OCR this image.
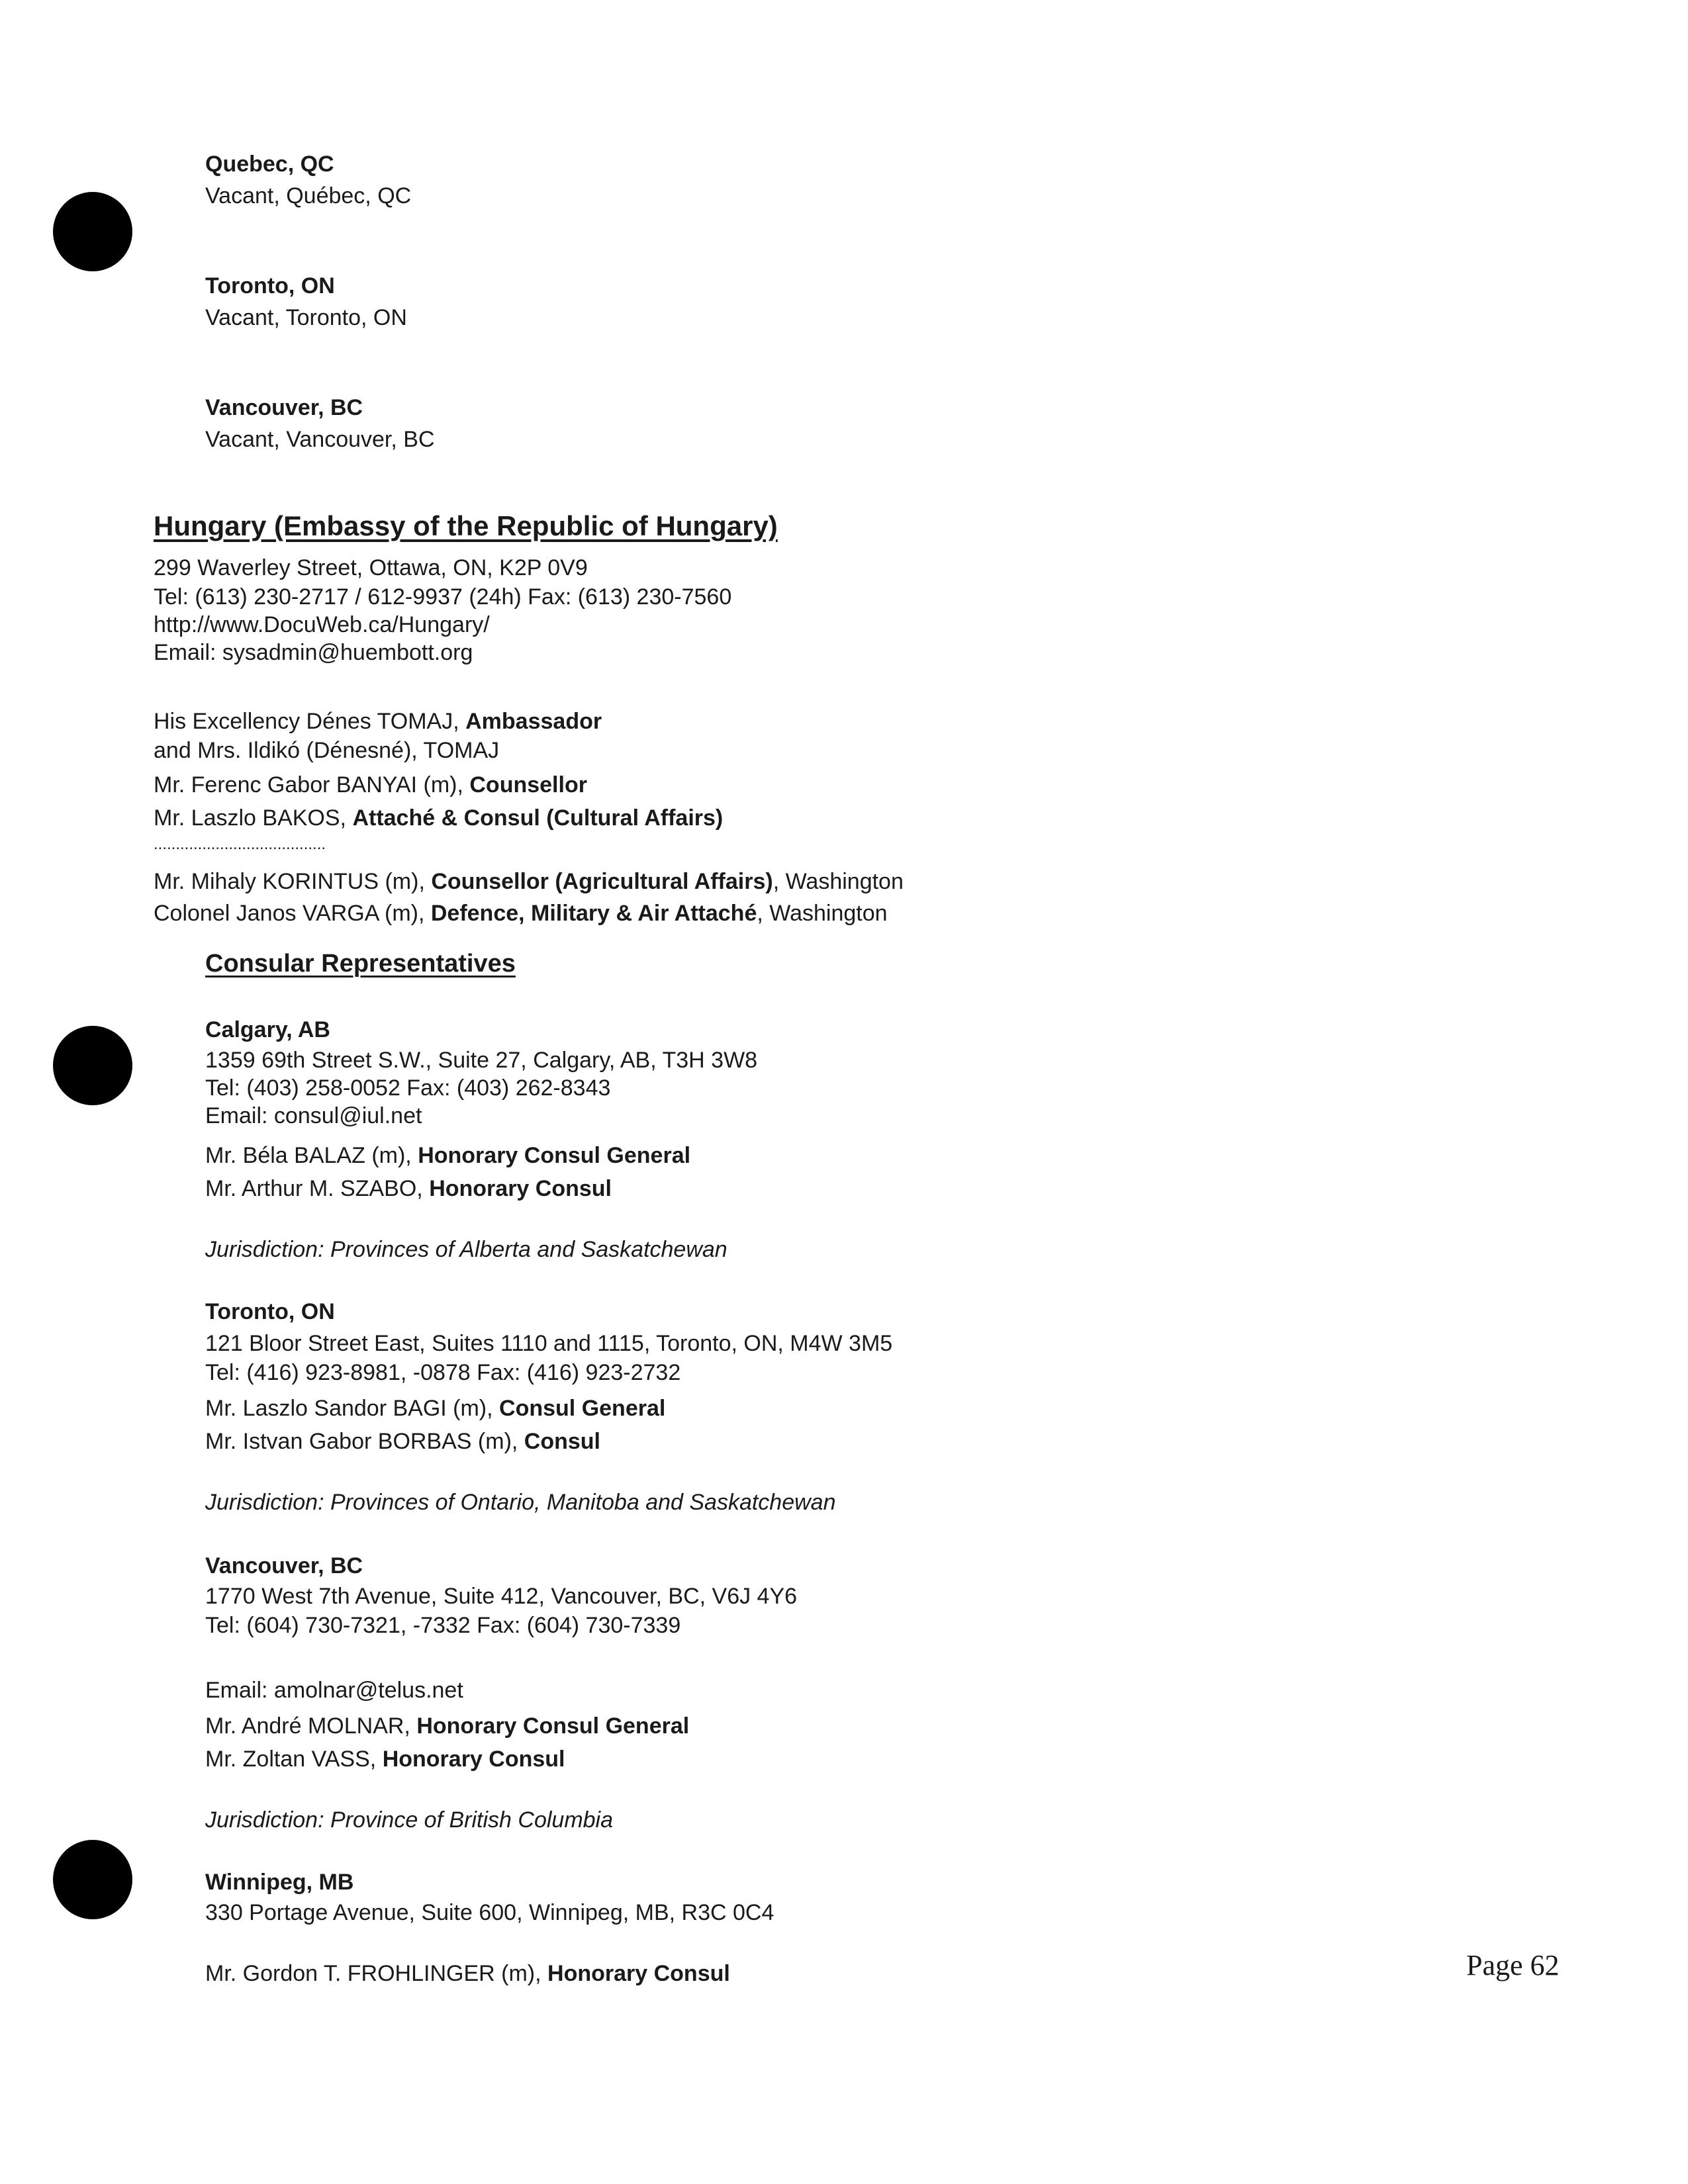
Quebec, QC
Vacant, Québec, QC
Toronto, ON
Vacant, Toronto, ON
Vancouver, BC
Vacant, Vancouver, BC
Hungary (Embassy of the Republic of Hungary)
299 Waverley Street, Ottawa, ON, K2P 0V9
Tel: (613) 230-2717 / 612-9937 (24h) Fax: (613) 230-7560
http://www.DocuWeb.ca/Hungary/
Email: sysadmin@huembott.org
His Excellency Dénes TOMAJ, Ambassador
and Mrs. Ildikó (Dénesné), TOMAJ
Mr. Ferenc Gabor BANYAI (m), Counsellor
Mr. Laszlo BAKOS, Attaché & Consul (Cultural Affairs)
.......................................
Mr. Mihaly KORINTUS (m), Counsellor (Agricultural Affairs), Washington
Colonel Janos VARGA (m), Defence, Military & Air Attaché, Washington
Consular Representatives
Calgary, AB
1359 69th Street S.W., Suite 27, Calgary, AB, T3H 3W8
Tel: (403) 258-0052 Fax: (403) 262-8343
Email: consul@iul.net
Mr. Béla BALAZ (m), Honorary Consul General
Mr. Arthur M. SZABO, Honorary Consul
Jurisdiction: Provinces of Alberta and Saskatchewan
Toronto, ON
121 Bloor Street East, Suites 1110 and 1115, Toronto, ON, M4W 3M5
Tel: (416) 923-8981, -0878 Fax: (416) 923-2732
Mr. Laszlo Sandor BAGI (m), Consul General
Mr. Istvan Gabor BORBAS (m), Consul
Jurisdiction: Provinces of Ontario, Manitoba and Saskatchewan
Vancouver, BC
1770 West 7th Avenue, Suite 412, Vancouver, BC, V6J 4Y6
Tel: (604) 730-7321, -7332 Fax: (604) 730-7339
Email: amolnar@telus.net
Mr. André MOLNAR, Honorary Consul General
Mr. Zoltan VASS, Honorary Consul
Jurisdiction: Province of British Columbia
Winnipeg, MB
330 Portage Avenue, Suite 600, Winnipeg, MB, R3C 0C4
Mr. Gordon T. FROHLINGER (m), Honorary Consul	Page 62
